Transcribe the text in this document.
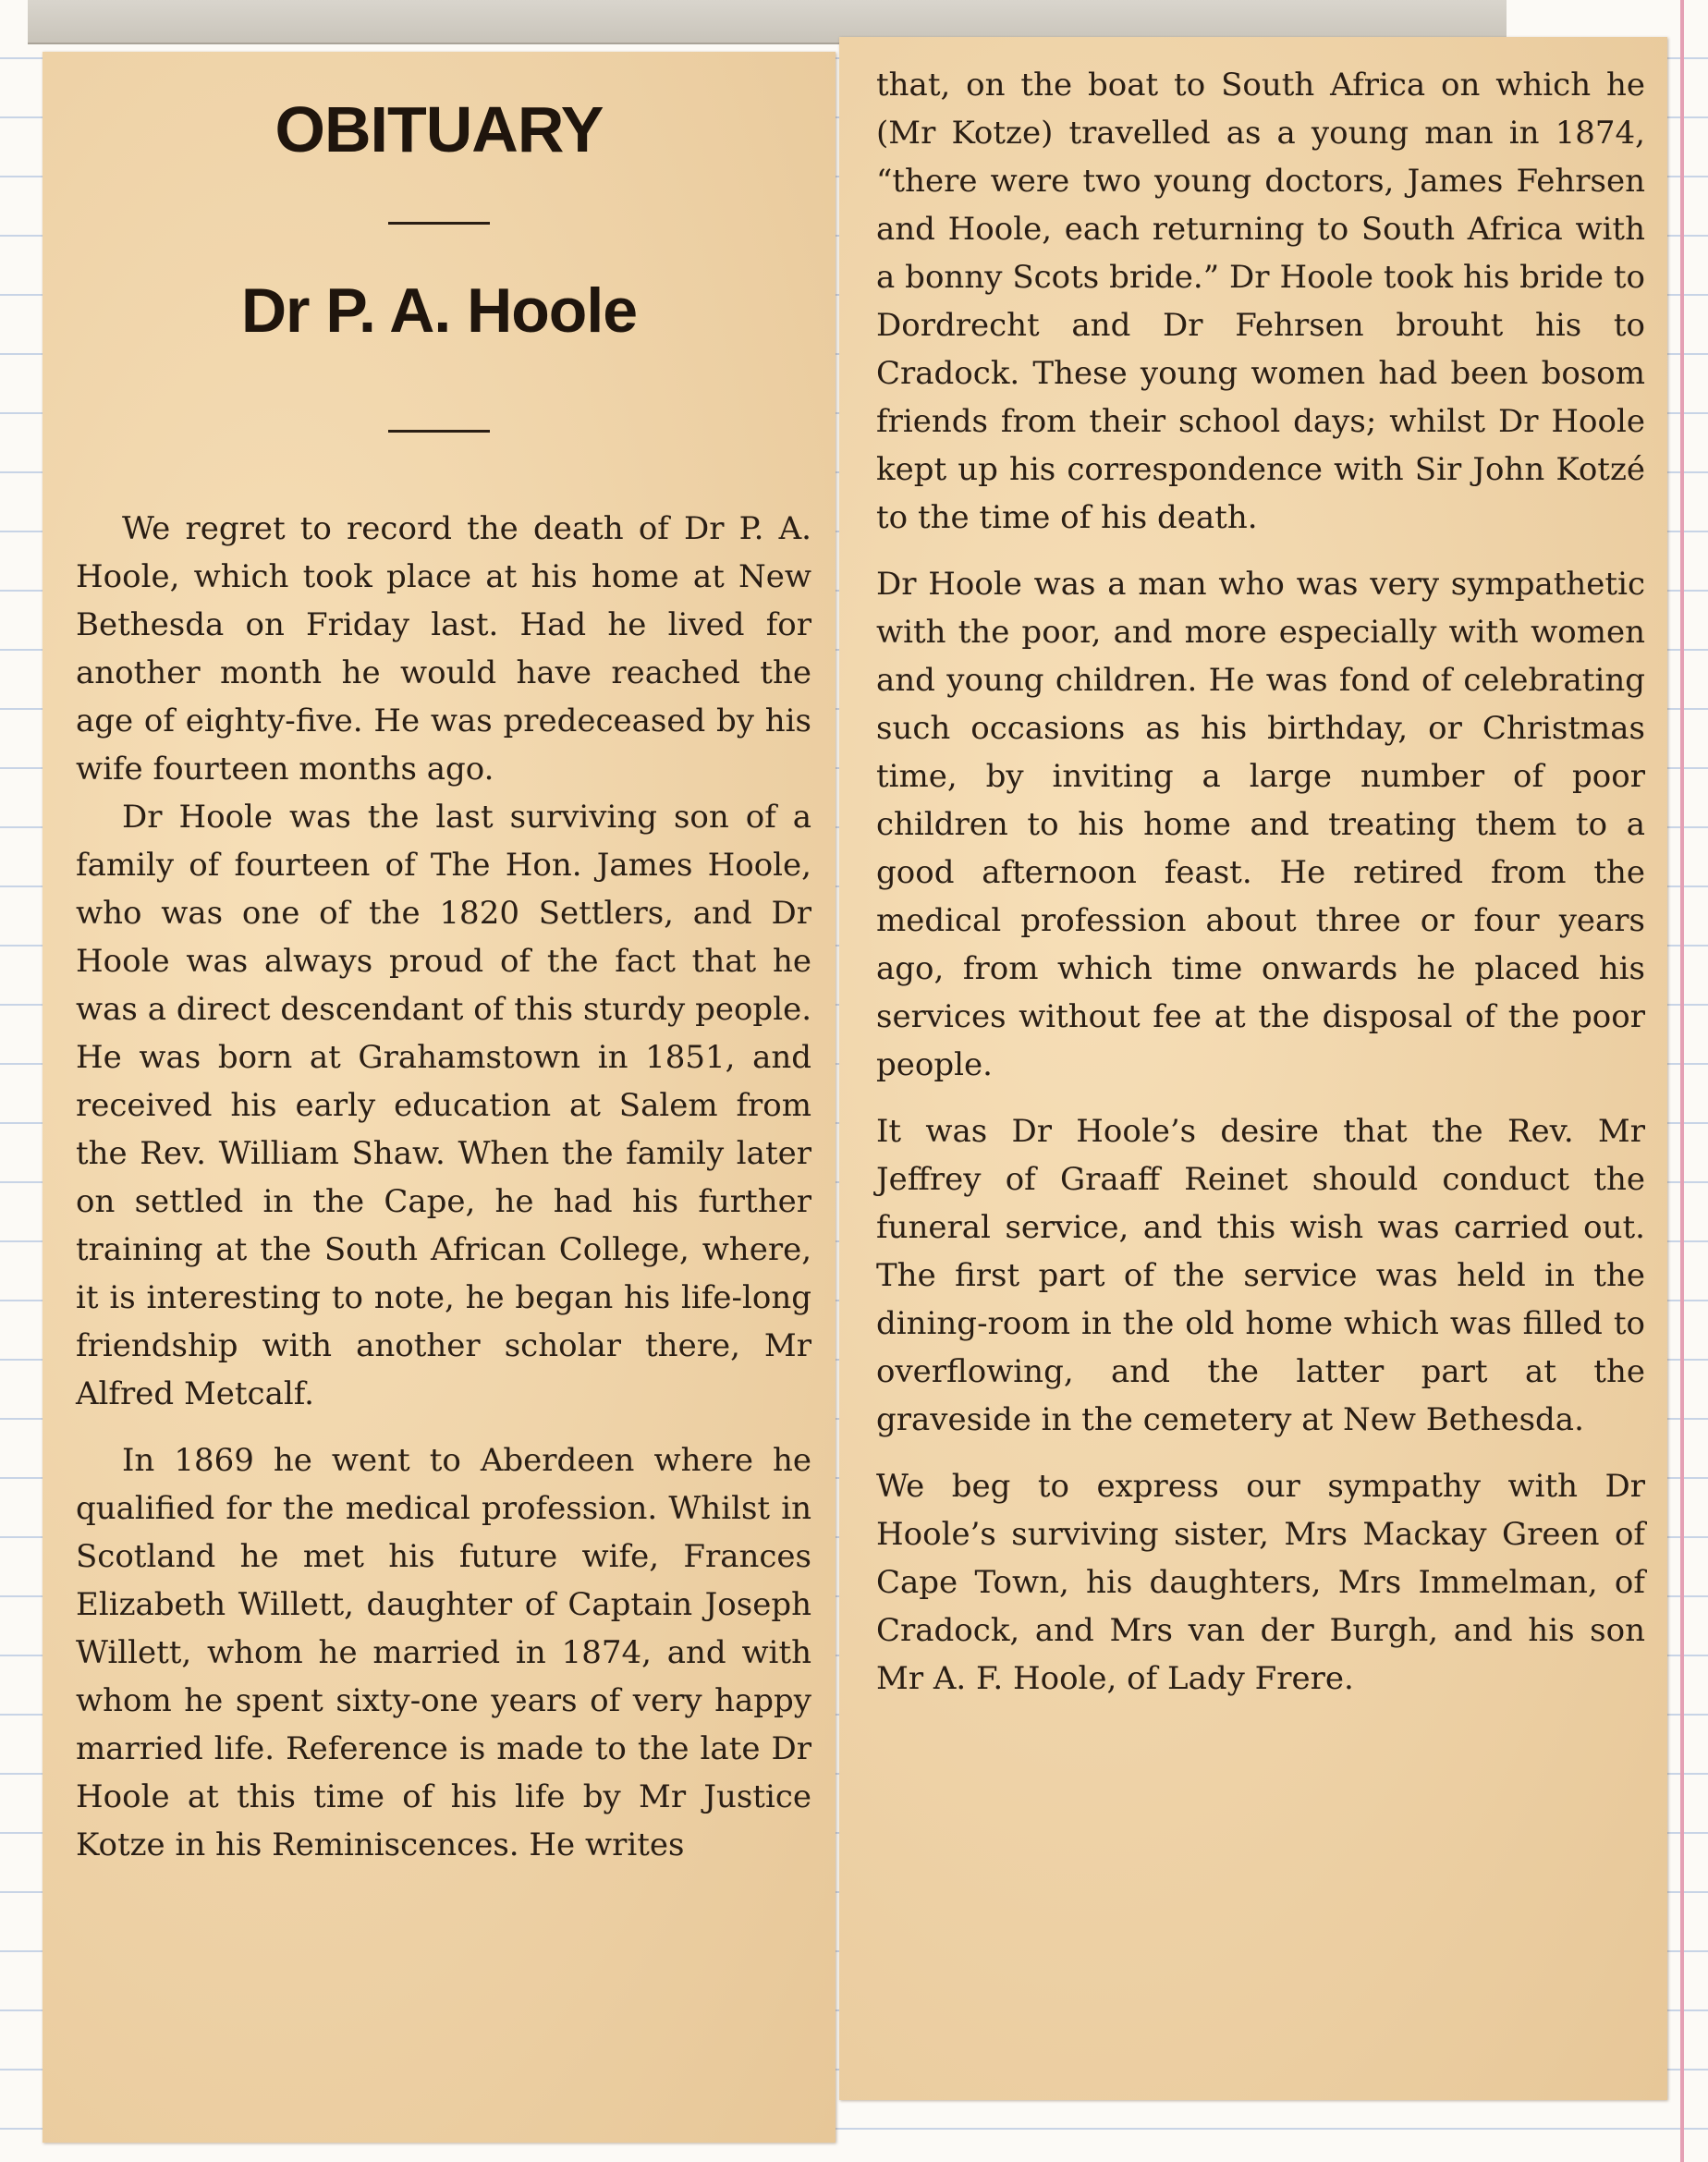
OBITUARY
Dr P. A. Hoole

We regret to record the death of Dr P. A. Hoole, which took place at his home at New Bethesda on Friday last. Had he lived for another month he would have reached the age of eighty-five. He was predeceased by his wife fourteen months ago.

Dr Hoole was the last surviving son of a family of fourteen of The Hon. James Hoole, who was one of the 1820 Settlers, and Dr Hoole was always proud of the fact that he was a direct descendant of this sturdy people. He was born at Grahamstown in 1851, and received his early education at Salem from the Rev. William Shaw. When the family later on settled in the Cape, he had his further training at the South African College, where, it is interesting to note, he began his life-long friendship with another scholar there, Mr Alfred Metcalf.

In 1869 he went to Aberdeen where he qualified for the medical profession. Whilst in Scotland he met his future wife, Frances Elizabeth Willett, daughter of Captain Joseph Willett, whom he married in 1874, and with whom he spent sixty-one years of very happy married life. Reference is made to the late Dr Hoole at this time of his life by Mr Justice Kotze in his Reminiscences. He writes

that, on the boat to South Africa on which he (Mr Kotze) travelled as a young man in 1874, “there were two young doctors, James Fehrsen and Hoole, each returning to South Africa with a bonny Scots bride.” Dr Hoole took his bride to Dordrecht and Dr Fehrsen brouht his to Cradock. These young women had been bosom friends from their school days; whilst Dr Hoole kept up his correspondence with Sir John Kotzé to the time of his death.

Dr Hoole was a man who was very sympathetic with the poor, and more especially with women and young children. He was fond of celebrating such occasions as his birthday, or Christmas time, by inviting a large number of poor children to his home and treating them to a good afternoon feast. He retired from the medical profession about three or four years ago, from which time onwards he placed his services without fee at the disposal of the poor people.

It was Dr Hoole’s desire that the Rev. Mr Jeffrey of Graaff Reinet should conduct the funeral service, and this wish was carried out. The first part of the service was held in the dining-room in the old home which was filled to overflowing, and the latter part at the graveside in the cemetery at New Bethesda.

We beg to express our sympathy with Dr Hoole’s surviving sister, Mrs Mackay Green of Cape Town, his daughters, Mrs Immelman, of Cradock, and Mrs van der Burgh, and his son Mr A. F. Hoole, of Lady Frere.
